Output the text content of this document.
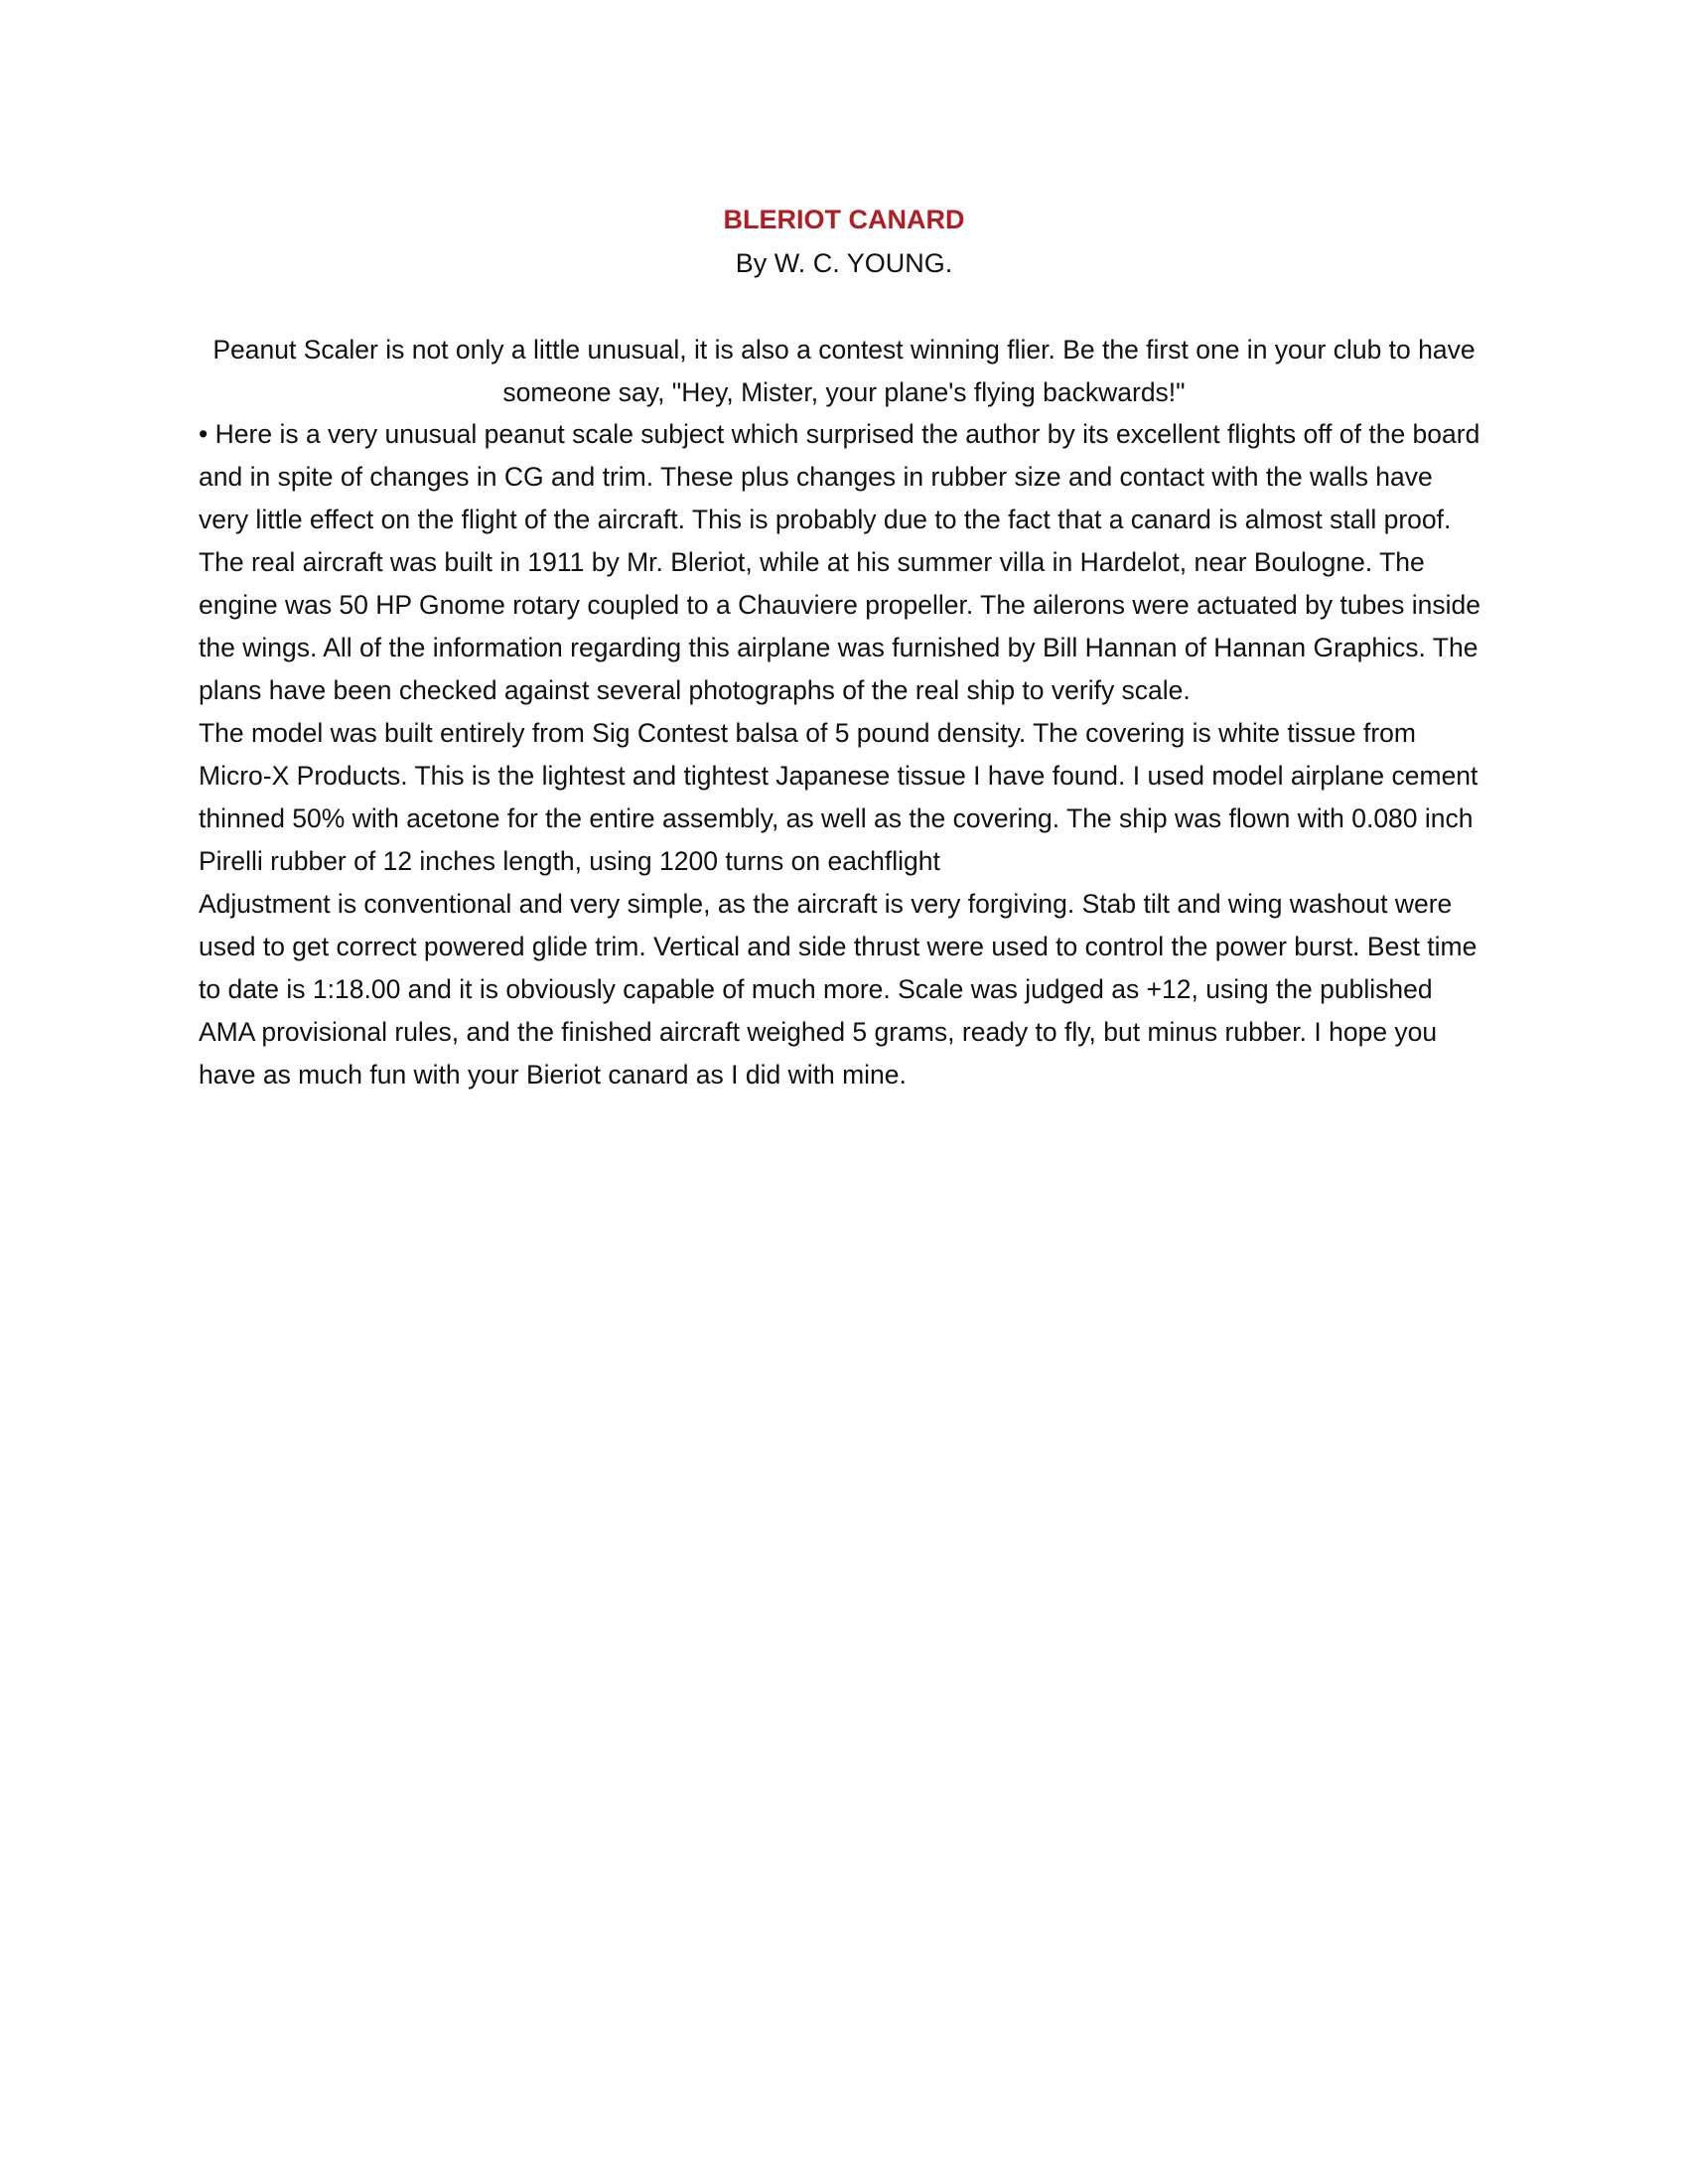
BLERIOT CANARD
By W. C. YOUNG.
Peanut Scaler is not only a little unusual, it is also a contest winning flier. Be the first one in your club to have someone say, "Hey, Mister, your plane's flying backwards!"

• Here is a very unusual peanut scale subject which surprised the author by its excellent flights off of the board and in spite of changes in CG and trim. These plus changes in rubber size and contact with the walls have very little effect on the flight of the aircraft. This is probably due to the fact that a canard is almost stall proof.

The real aircraft was built in 1911 by Mr. Bleriot, while at his summer villa in Hardelot, near Boulogne. The engine was 50 HP Gnome rotary coupled to a Chauviere propeller. The ailerons were actuated by tubes inside the wings. All of the information regarding this airplane was furnished by Bill Hannan of Hannan Graphics. The plans have been checked against several photographs of the real ship to verify scale.

The model was built entirely from Sig Contest balsa of 5 pound density. The covering is white tissue from Micro-X Products. This is the lightest and tightest Japanese tissue I have found. I used model airplane cement thinned 50% with acetone for the entire assembly, as well as the covering. The ship was flown with 0.080 inch Pirelli rubber of 12 inches length, using 1200 turns on eachflight

Adjustment is conventional and very simple, as the aircraft is very forgiving. Stab tilt and wing washout were used to get correct powered glide trim. Vertical and side thrust were used to control the power burst. Best time to date is 1:18.00 and it is obviously capable of much more. Scale was judged as +12, using the published AMA provisional rules, and the finished aircraft weighed 5 grams, ready to fly, but minus rubber. I hope you have as much fun with your Bieriot canard as I did with mine.
